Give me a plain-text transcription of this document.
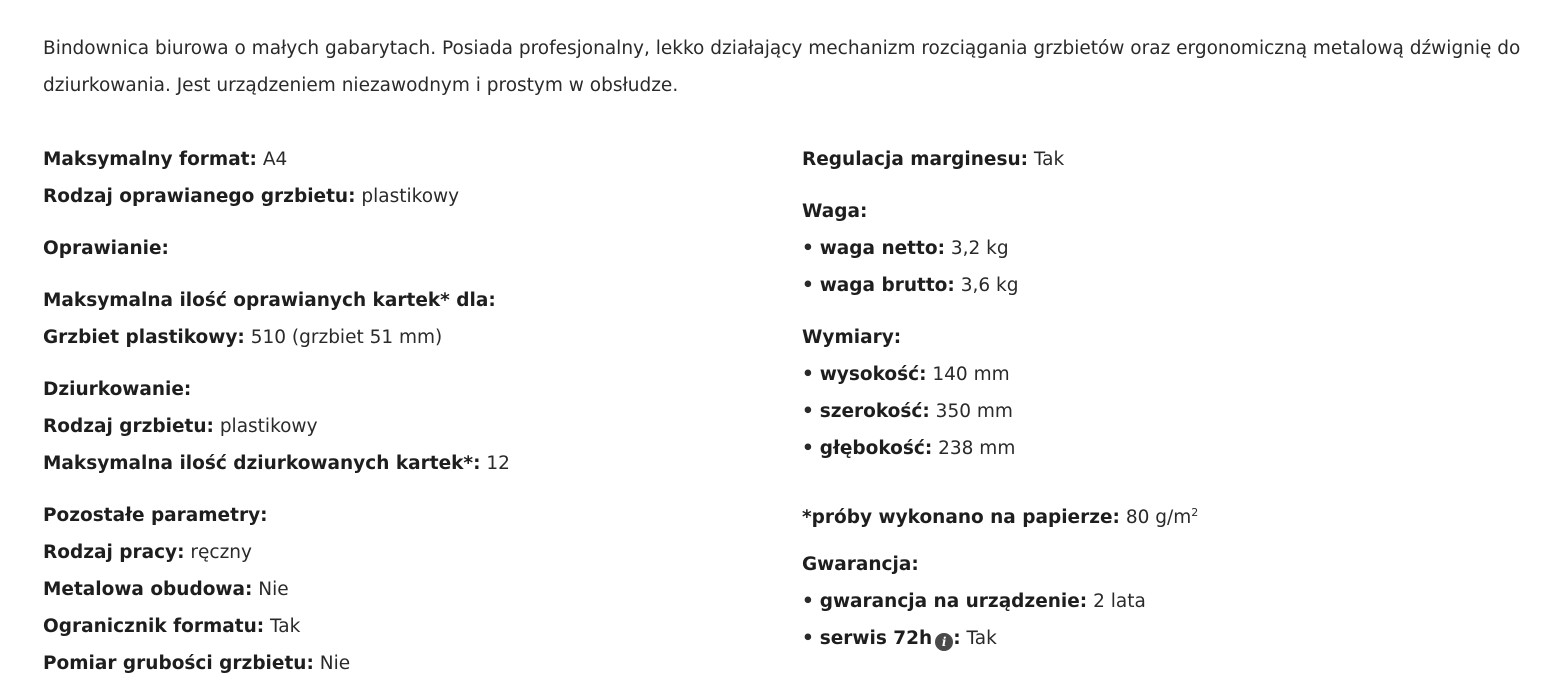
Bindownica biurowa o małych gabarytach. Posiada profesjonalny, lekko działający mechanizm rozciągania grzbietów oraz ergonomiczną metalową dźwignię do dziurkowania. Jest urządzeniem niezawodnym i prostym w obsłudze.

Maksymalny format: A4
Rodzaj oprawianego grzbietu: plastikowy
Oprawianie:
Maksymalna ilość oprawianych kartek* dla:
Grzbiet plastikowy: 510 (grzbiet 51 mm)
Dziurkowanie:
Rodzaj grzbietu: plastikowy
Maksymalna ilość dziurkowanych kartek*: 12
Pozostałe parametry:
Rodzaj pracy: ręczny
Metalowa obudowa: Nie
Ogranicznik formatu: Tak
Pomiar grubości grzbietu: Nie
Regulacja marginesu: Tak
Waga:
• waga netto: 3,2 kg
• waga brutto: 3,6 kg
Wymiary:
• wysokość: 140 mm
• szerokość: 350 mm
• głębokość: 238 mm
*próby wykonano na papierze: 80 $g/m^2$
Gwarancja:
• gwarancja na urządzenie: 2 lata
• serwis 72h i : Tak
